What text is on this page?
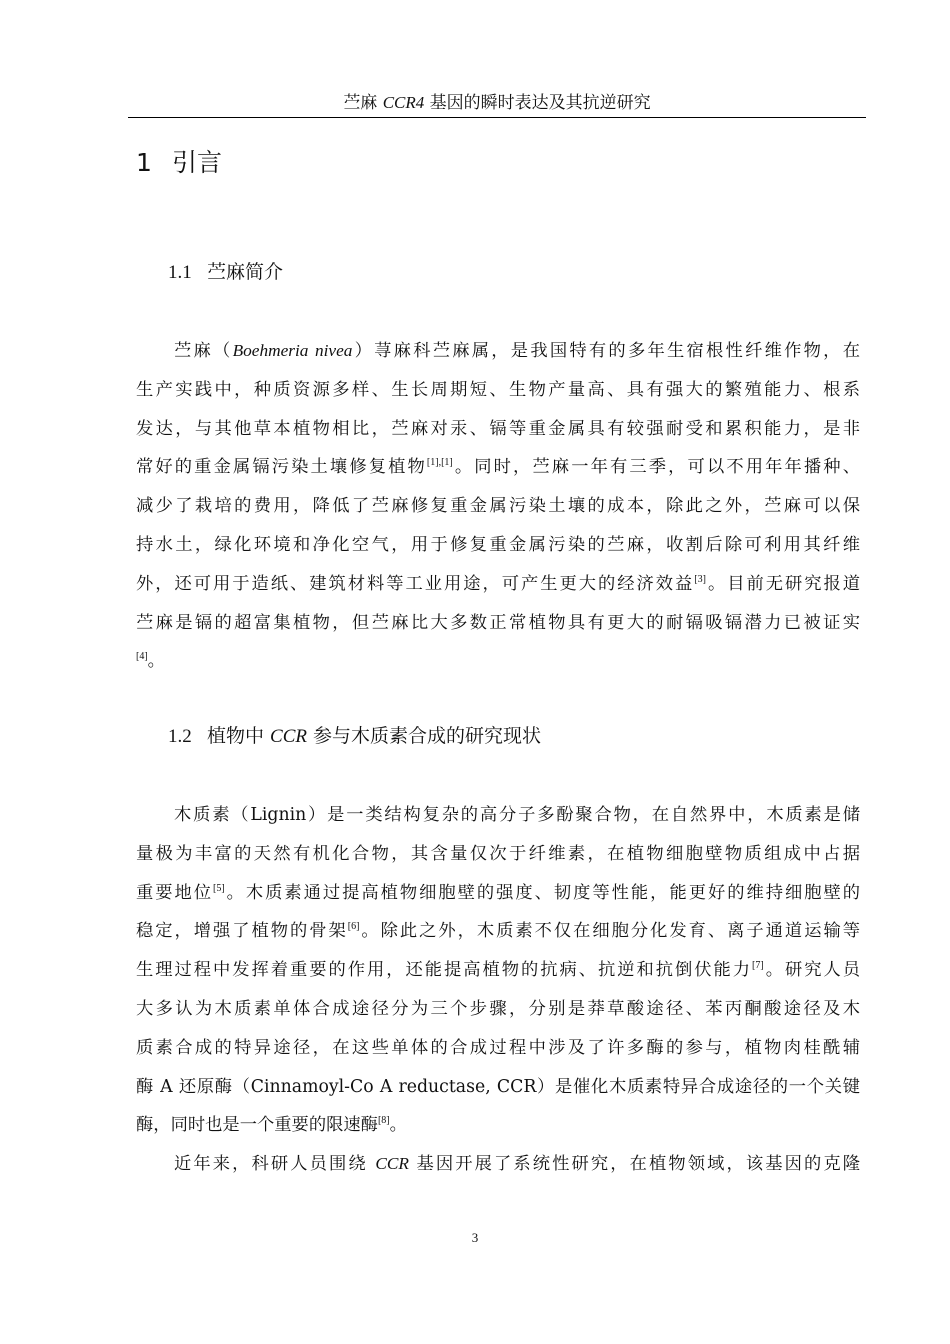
苎麻 CCR4 基因的瞬时表达及其抗逆研究
1 引言
1.1 苎麻简介
苎麻（Boehmeria nivea）荨麻科苎麻属，是我国特有的多年生宿根性纤维作物，在
生产实践中，种质资源多样、生长周期短、生物产量高、具有强大的繁殖能力、根系
发达，与其他草本植物相比，苎麻对汞、镉等重金属具有较强耐受和累积能力，是非
常好的重金属镉污染土壤修复植物[1],[1]。同时，苎麻一年有三季，可以不用年年播种、
减少了栽培的费用，降低了苎麻修复重金属污染土壤的成本，除此之外，苎麻可以保
持水土，绿化环境和净化空气，用于修复重金属污染的苎麻，收割后除可利用其纤维
外，还可用于造纸、建筑材料等工业用途，可产生更大的经济效益[3]。目前无研究报道
苎麻是镉的超富集植物，但苎麻比大多数正常植物具有更大的耐镉吸镉潜力已被证实
[4]。
1.2 植物中 CCR 参与木质素合成的研究现状
木质素（Lignin）是一类结构复杂的高分子多酚聚合物，在自然界中，木质素是储
量极为丰富的天然有机化合物，其含量仅次于纤维素，在植物细胞壁物质组成中占据
重要地位[5]。木质素通过提高植物细胞壁的强度、韧度等性能，能更好的维持细胞壁的
稳定，增强了植物的骨架[6]。除此之外，木质素不仅在细胞分化发育、离子通道运输等
生理过程中发挥着重要的作用，还能提高植物的抗病、抗逆和抗倒伏能力[7]。研究人员
大多认为木质素单体合成途径分为三个步骤，分别是莽草酸途径、苯丙酮酸途径及木
质素合成的特异途径，在这些单体的合成过程中涉及了许多酶的参与，植物肉桂酰辅
酶 A 还原酶（Cinnamoyl-Co A reductase, CCR）是催化木质素特异合成途径的一个关键
酶，同时也是一个重要的限速酶[8]。
近年来，科研人员围绕 CCR 基因开展了系统性研究，在植物领域，该基因的克隆
3
